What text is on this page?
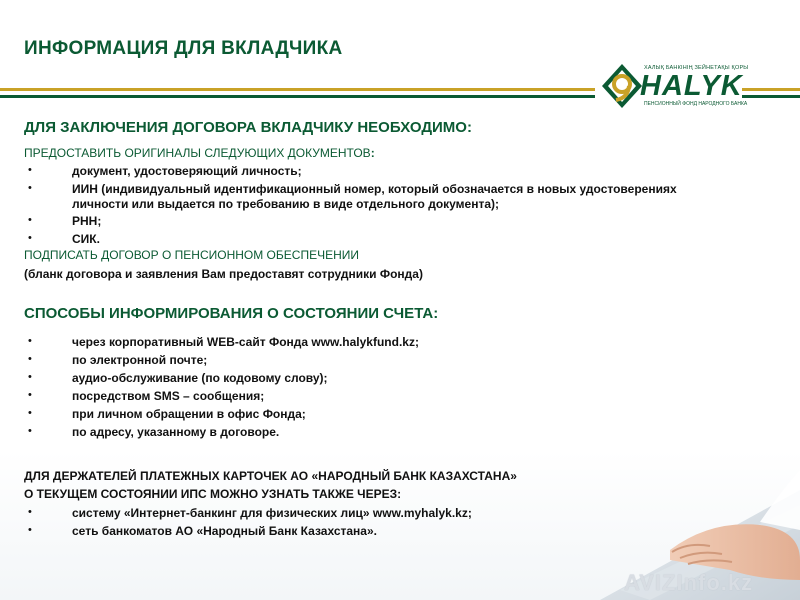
ИНФОРМАЦИЯ ДЛЯ ВКЛАДЧИКА
ХАЛЫҚ БАНКІНІҢ ЗЕЙНЕТАҚЫ ҚОРЫ
HALYK
ПЕНСИОННЫЙ ФОНД НАРОДНОГО БАНКА
ДЛЯ ЗАКЛЮЧЕНИЯ ДОГОВОРА ВКЛАДЧИКУ НЕОБХОДИМО:
ПРЕДОСТАВИТЬ ОРИГИНАЛЫ СЛЕДУЮЩИХ ДОКУМЕНТОВ:
•	документ, удостоверяющий личность;
•	ИИН (индивидуальный идентификационный номер, который обозначается в новых удостоверениях
личности или выдается по требованию в виде отдельного документа);
•	РНН;
•	СИК.
ПОДПИСАТЬ ДОГОВОР О ПЕНСИОННОМ ОБЕСПЕЧЕНИИ
(бланк договора и заявления Вам предоставят сотрудники Фонда)
СПОСОБЫ ИНФОРМИРОВАНИЯ О СОСТОЯНИИ СЧЕТА:
•	через корпоративный WEB-сайт Фонда www.halykfund.kz;
•	по электронной почте;
•	аудио-обслуживание (по кодовому слову);
•	посредством SMS – сообщения;
•	при личном обращении в офис Фонда;
•	по адресу, указанному в договоре.
ДЛЯ ДЕРЖАТЕЛЕЙ ПЛАТЕЖНЫХ КАРТОЧЕК АО «НАРОДНЫЙ БАНК КАЗАХСТАНА»
О ТЕКУЩЕМ СОСТОЯНИИ ИПС МОЖНО УЗНАТЬ ТАКЖЕ ЧЕРЕЗ:
•	систему «Интернет-банкинг для физических лиц» www.myhalyk.kz;
•	сеть банкоматов АО «Народный Банк Казахстана».
AVIZInfo.kz
